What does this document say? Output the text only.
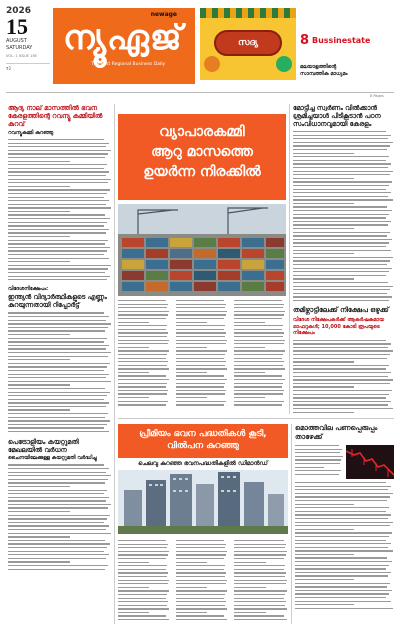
2026
15
AUGUST
SATURDAY
VOL. 1 ISSUE 136
₹2
newage
ന്യൂഏജ്
The First Regional Business Daily
സദ്യ	8 Bussinestate
മലയാളത്തിന്റെ
സാമ്പത്തിക മാധ്യമം
8 Pages
ആദ്യ നാല് മാസത്തിൽ ഭവന കേരളത്തിന്റെ റവന്യൂ കമ്മിയിൽ കുറവ്
റവന്യൂകമ്മി കുറഞ്ഞു
വിദേശനിക്ഷേപം:
ഇന്ത്യൻ വിദ്യാർത്ഥികളുടെ എണ്ണം കുറയുന്നതായി റിപ്പോർട്ട്
പെട്രോളിയം കയറ്റുമതി മേഖലയിൽ വർധന
ചൈനയിലേക്കുള്ള കയറ്റുമതി വർദ്ധിച്ചു
വ്യാപാരകമ്മി
ആറു മാസത്തെ
ഉയർന്ന നിരക്കിൽ
മോട്ടിച്ച സ്വർണം വിൽക്കാൻ ശ്രമിച്ചയാൾ പിടികൂടാൻ പഠന സംവിധാനവുമായി കേരളം
തമിഴ്നാട്ടിലേക്ക് നിക്ഷേപ ഒഴുക്ക്
വിദേശ നിക്ഷേപകർക്ക് ആകർഷകമായ ഓഫറുകൾ; 10,000 കോടി രൂപയുടെ നിക്ഷേപം
പ്രീമിയം ഭവന പദ്ധതികൾ കൂടി,
വിൽപന കുറഞ്ഞു
ചെലവു കുറഞ്ഞ ഭവനപദ്ധതികളിൽ ഡിമാൻഡ്
മൊത്തവില പണപ്പെരുപ്പം താഴേക്ക്
